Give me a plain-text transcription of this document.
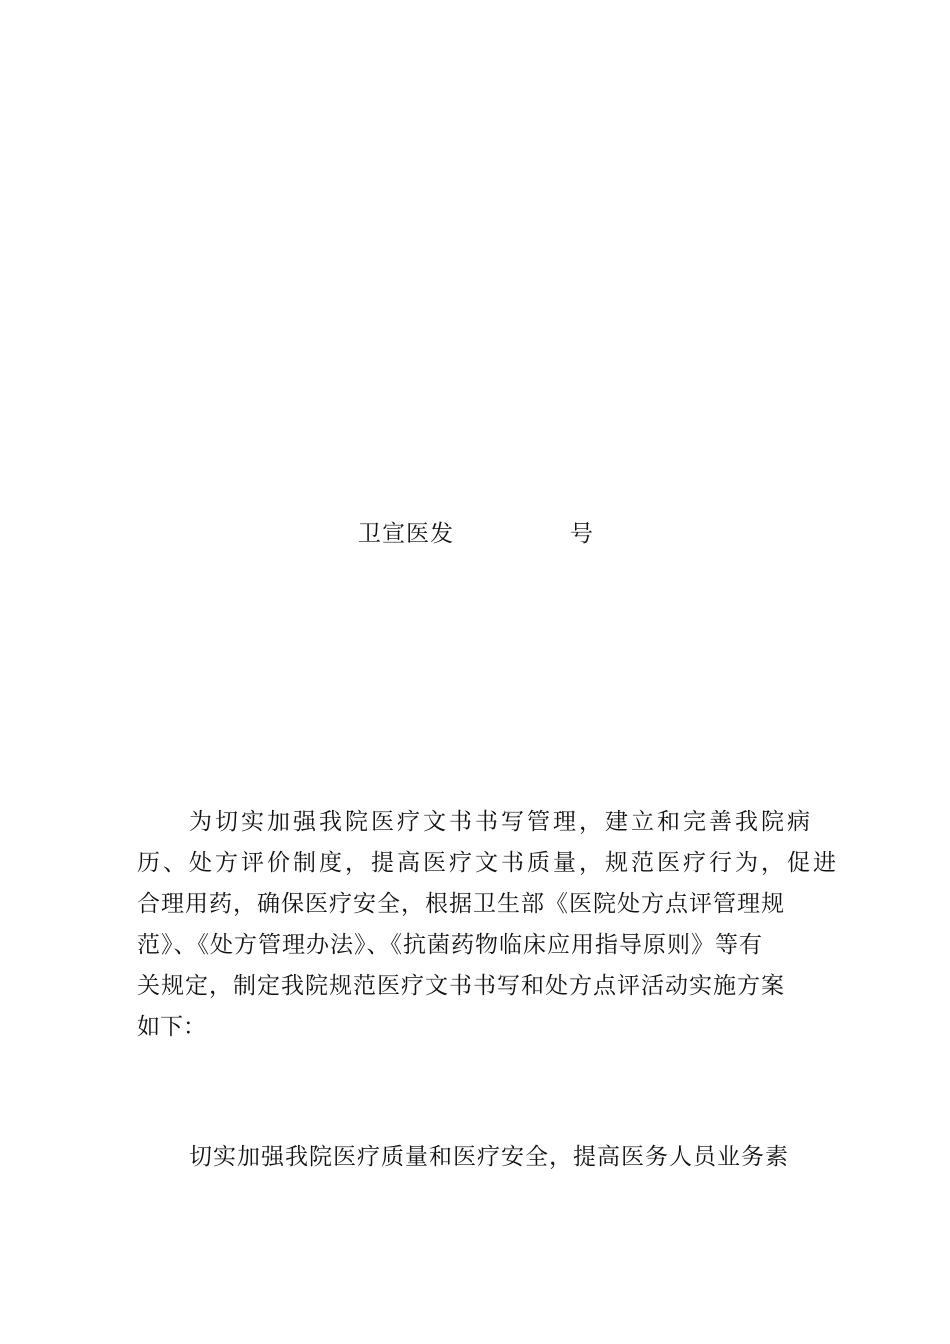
卫宣医发	号
为切实加强我院医疗文书书写管理，建立和完善我院病
历、处方评价制度，提高医疗文书质量，规范医疗行为，促进
合理用药，确保医疗安全，根据卫生部《医院处方点评管理规
范》、《处方管理办法》、《抗菌药物临床应用指导原则》等有
关规定，制定我院规范医疗文书书写和处方点评活动实施方案
如下：
切实加强我院医疗质量和医疗安全，提高医务人员业务素
